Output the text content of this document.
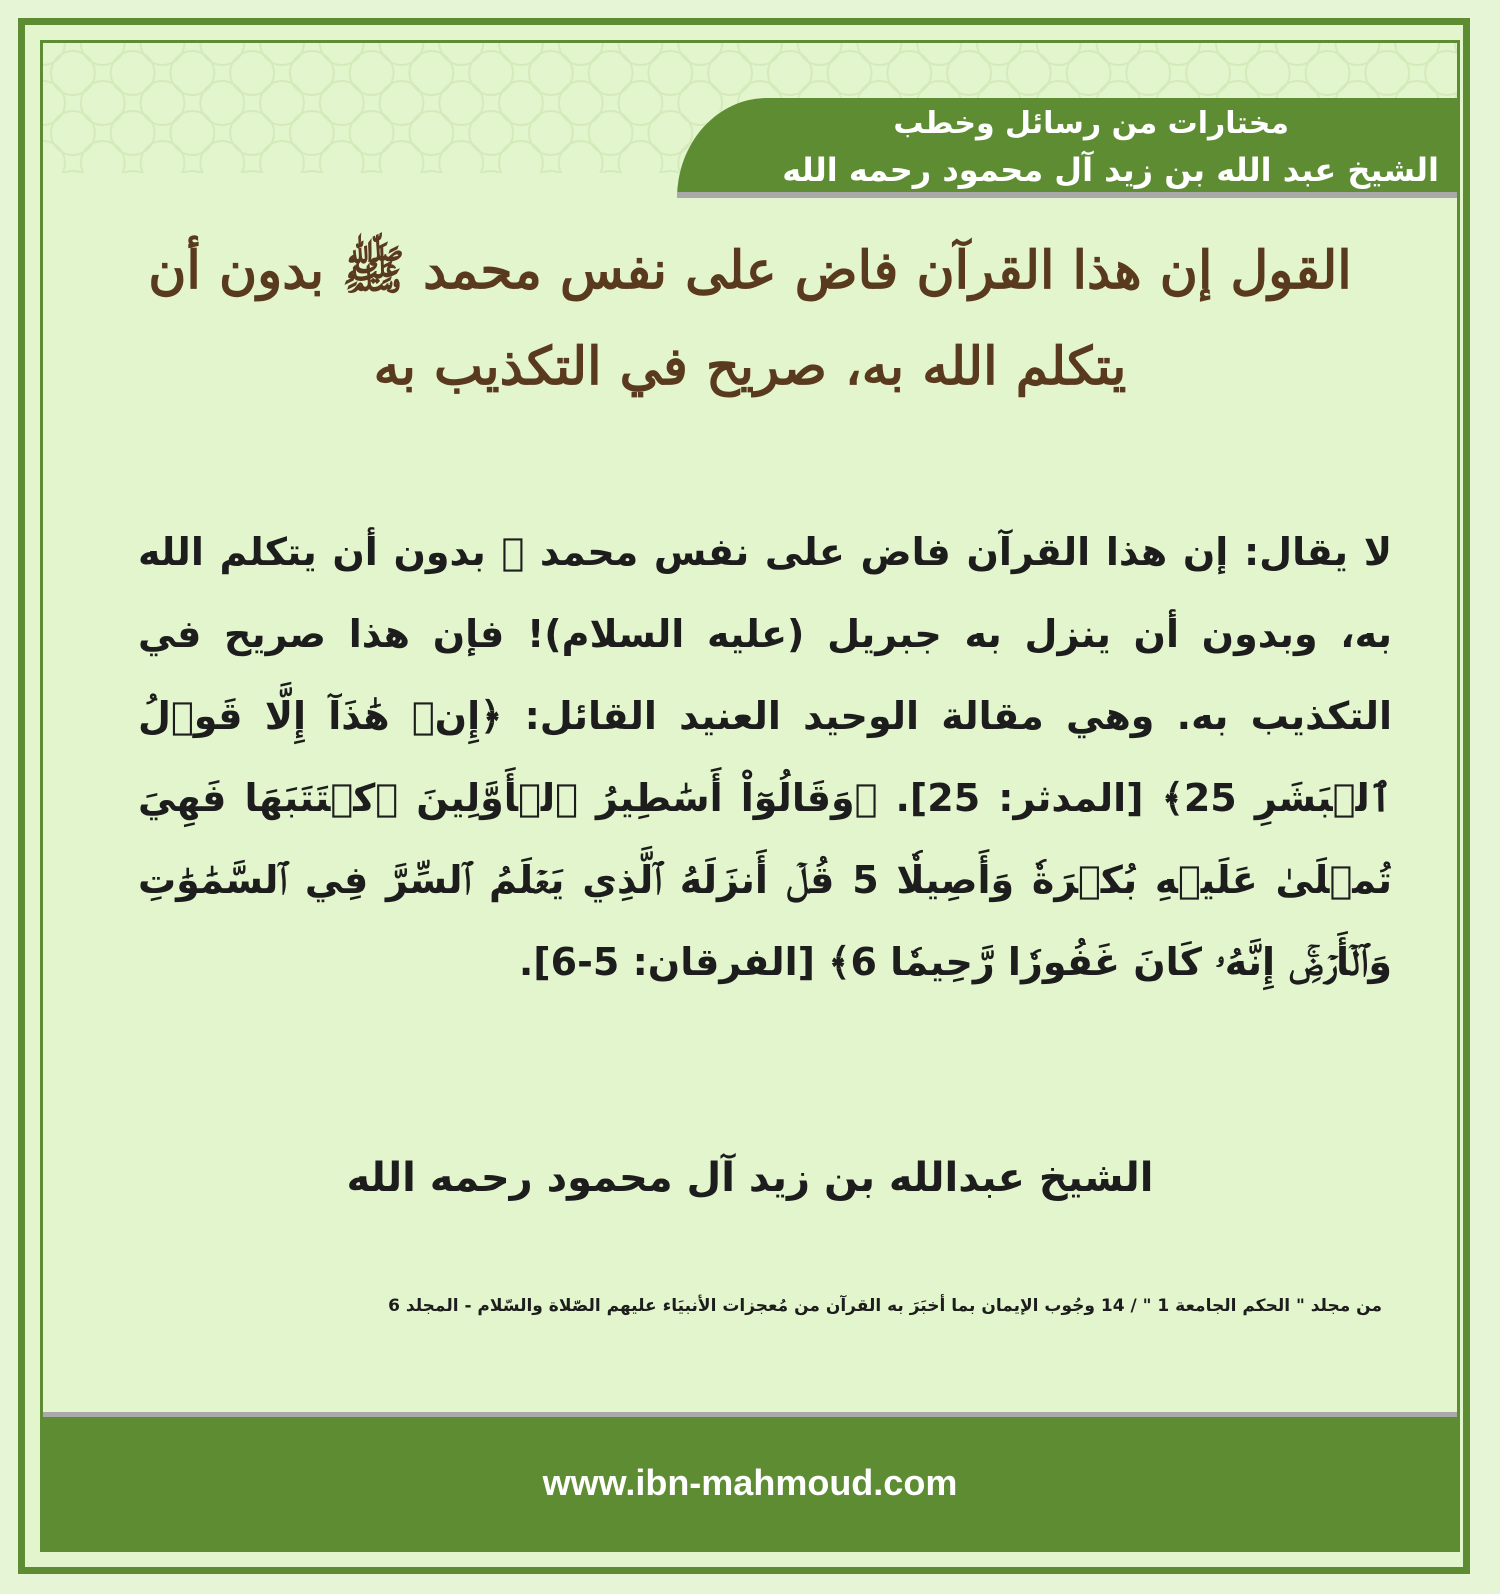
مختارات من رسائل وخطب
الشيخ عبد الله بن زيد آل محمود رحمه الله
القول إن هذا القرآن فاض على نفس محمد ﷺ بدون أن يتكلم الله به، صريح في التكذيب به

لا يقال: إن هذا القرآن فاض على نفس محمد ﷺ بدون أن يتكلم الله به، وبدون أن ينزل به جبريل (عليه السلام)! فإن هذا صريح في التكذيب به. وهي مقالة الوحيد العنيد القائل: ﴿إِنۡ هَٰذَآ إِلَّا قَوۡلُ ٱلۡبَشَرِ 25﴾ [المدثر: 25]. ﴿وَقَالُوٓاْ أَسَٰطِيرُ ٱلۡأَوَّلِينَ ٱكۡتَتَبَهَا فَهِيَ تُمۡلَىٰ عَلَيۡهِ بُكۡرَةٗ وَأَصِيلٗا 5 قُلۡ أَنزَلَهُ ٱلَّذِي يَعۡلَمُ ٱلسِّرَّ فِي ٱلسَّمَٰوَٰتِ وَٱلۡأَرۡضِۚ إِنَّهُۥ كَانَ غَفُورٗا رَّحِيمٗا 6﴾ [الفرقان: 5-6].

الشيخ عبدالله بن زيد آل محمود رحمه الله

من مجلد " الحكم الجامعة 1 " / 14 وجُوب الإيمان بما أخبَرَ به القرآن من مُعجزات الأنبيَاء عليهم الصّلاة والسّلام - المجلد 6

www.ibn-mahmoud.com
